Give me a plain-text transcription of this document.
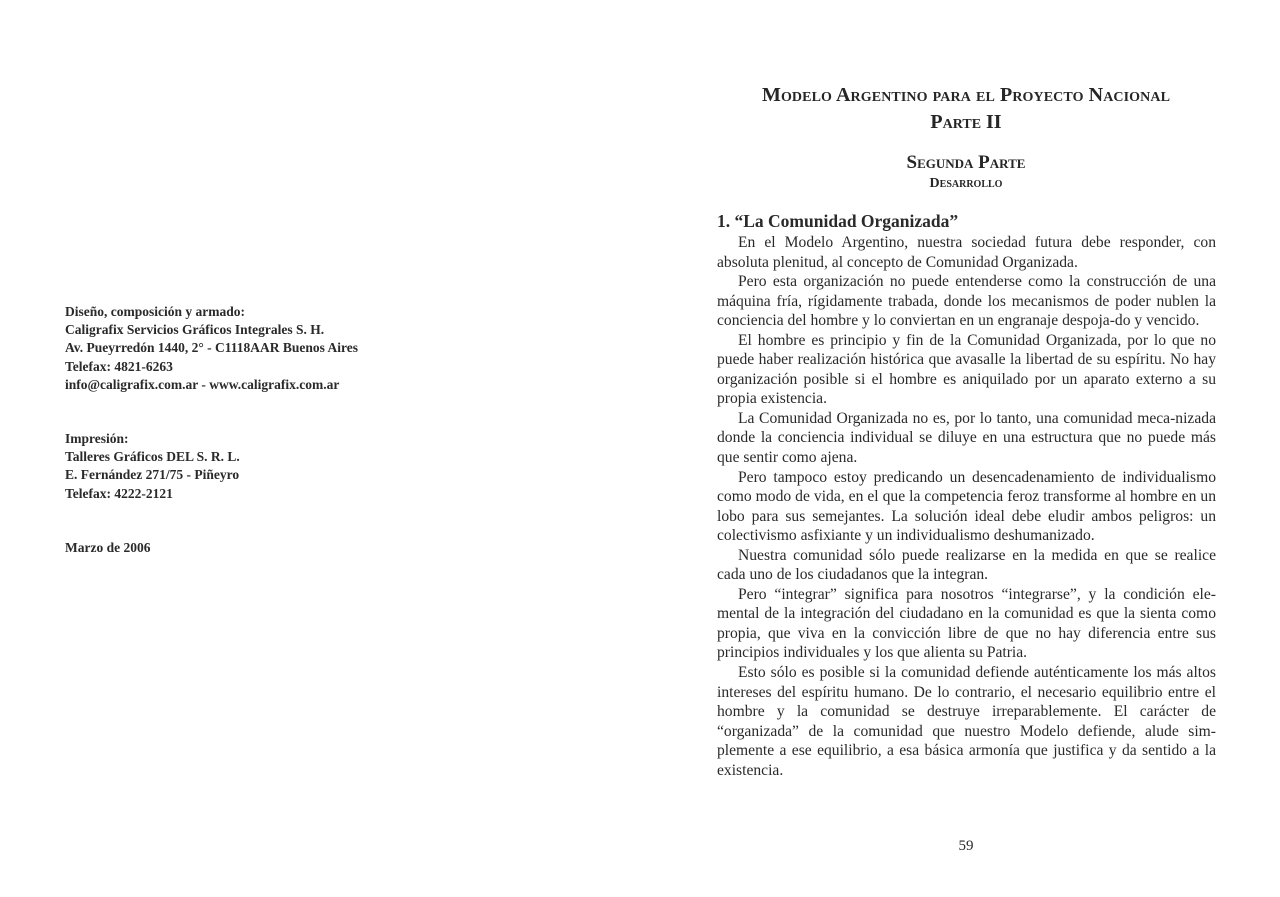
Diseño, composición y armado:
Caligrafix Servicios Gráficos Integrales S. H.
Av. Pueyrredón 1440, 2° - C1118AAR Buenos Aires
Telefax: 4821-6263
info@caligrafix.com.ar - www.caligrafix.com.ar
Impresión:
Talleres Gráficos DEL S. R. L.
E. Fernández 271/75 - Piñeyro
Telefax: 4222-2121
Marzo de 2006
Modelo Argentino para el Proyecto Nacional
Parte II
Segunda Parte
Desarrollo
1. “La Comunidad Organizada”

En el Modelo Argentino, nuestra sociedad futura debe responder, con absoluta plenitud, al concepto de Comunidad Organizada.

Pero esta organización no puede entenderse como la construcción de una máquina fría, rígidamente trabada, donde los mecanismos de poder nublen la conciencia del hombre y lo conviertan en un engranaje despoja-do y vencido.

El hombre es principio y fin de la Comunidad Organizada, por lo que no puede haber realización histórica que avasalle la libertad de su espíritu. No hay organización posible si el hombre es aniquilado por un aparato externo a su propia existencia.

La Comunidad Organizada no es, por lo tanto, una comunidad meca-nizada donde la conciencia individual se diluye en una estructura que no puede más que sentir como ajena.

Pero tampoco estoy predicando un desencadenamiento de individualismo como modo de vida, en el que la competencia feroz transforme al hombre en un lobo para sus semejantes. La solución ideal debe eludir ambos peligros: un colectivismo asfixiante y un individualismo deshumanizado.

Nuestra comunidad sólo puede realizarse en la medida en que se realice cada uno de los ciudadanos que la integran.

Pero “integrar” significa para nosotros “integrarse”, y la condición ele-mental de la integración del ciudadano en la comunidad es que la sienta como propia, que viva en la convicción libre de que no hay diferencia entre sus principios individuales y los que alienta su Patria.

Esto sólo es posible si la comunidad defiende auténticamente los más altos intereses del espíritu humano. De lo contrario, el necesario equilibrio entre el hombre y la comunidad se destruye irreparablemente. El carácter de “organizada” de la comunidad que nuestro Modelo defiende, alude sim-plemente a ese equilibrio, a esa básica armonía que justifica y da sentido a la existencia.

59
